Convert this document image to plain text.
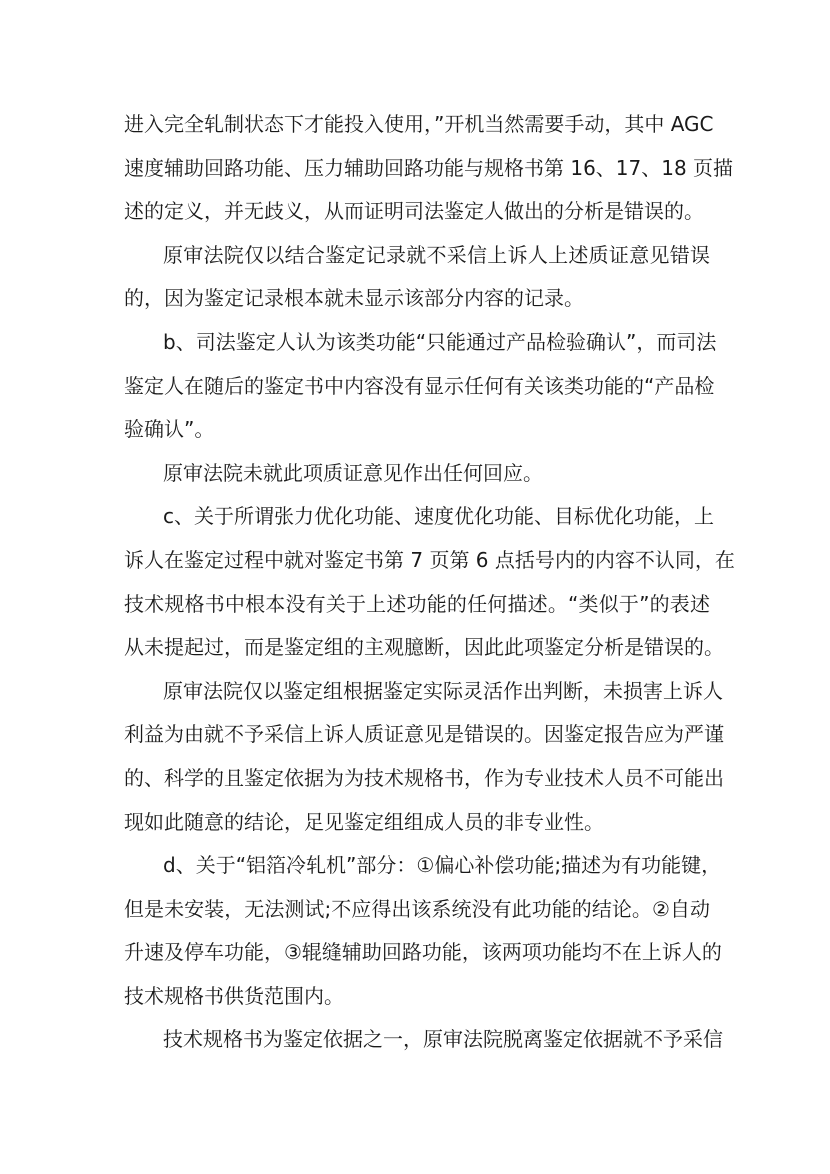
进入完全轧制状态下才能投入使用，”开机当然需要手动，其中 AGC
速度辅助回路功能、压力辅助回路功能与规格书第 16、17、18 页描
述的定义，并无歧义，从而证明司法鉴定人做出的分析是错误的。
原审法院仅以结合鉴定记录就不采信上诉人上述质证意见错误
的，因为鉴定记录根本就未显示该部分内容的记录。
b、司法鉴定人认为该类功能“只能通过产品检验确认”，而司法
鉴定人在随后的鉴定书中内容没有显示任何有关该类功能的“产品检
验确认”。
原审法院未就此项质证意见作出任何回应。
c、关于所谓张力优化功能、速度优化功能、目标优化功能，上
诉人在鉴定过程中就对鉴定书第 7 页第 6 点括号内的内容不认同，在
技术规格书中根本没有关于上述功能的任何描述。“类似于”的表述
从未提起过，而是鉴定组的主观臆断，因此此项鉴定分析是错误的。
原审法院仅以鉴定组根据鉴定实际灵活作出判断，未损害上诉人
利益为由就不予采信上诉人质证意见是错误的。因鉴定报告应为严谨
的、科学的且鉴定依据为为技术规格书，作为专业技术人员不可能出
现如此随意的结论，足见鉴定组组成人员的非专业性。
d、关于“铝箔冷轧机”部分：①偏心补偿功能;描述为有功能键，
但是未安装，无法测试;不应得出该系统没有此功能的结论。②自动
升速及停车功能，③辊缝辅助回路功能，该两项功能均不在上诉人的
技术规格书供货范围内。
技术规格书为鉴定依据之一，原审法院脱离鉴定依据就不予采信
